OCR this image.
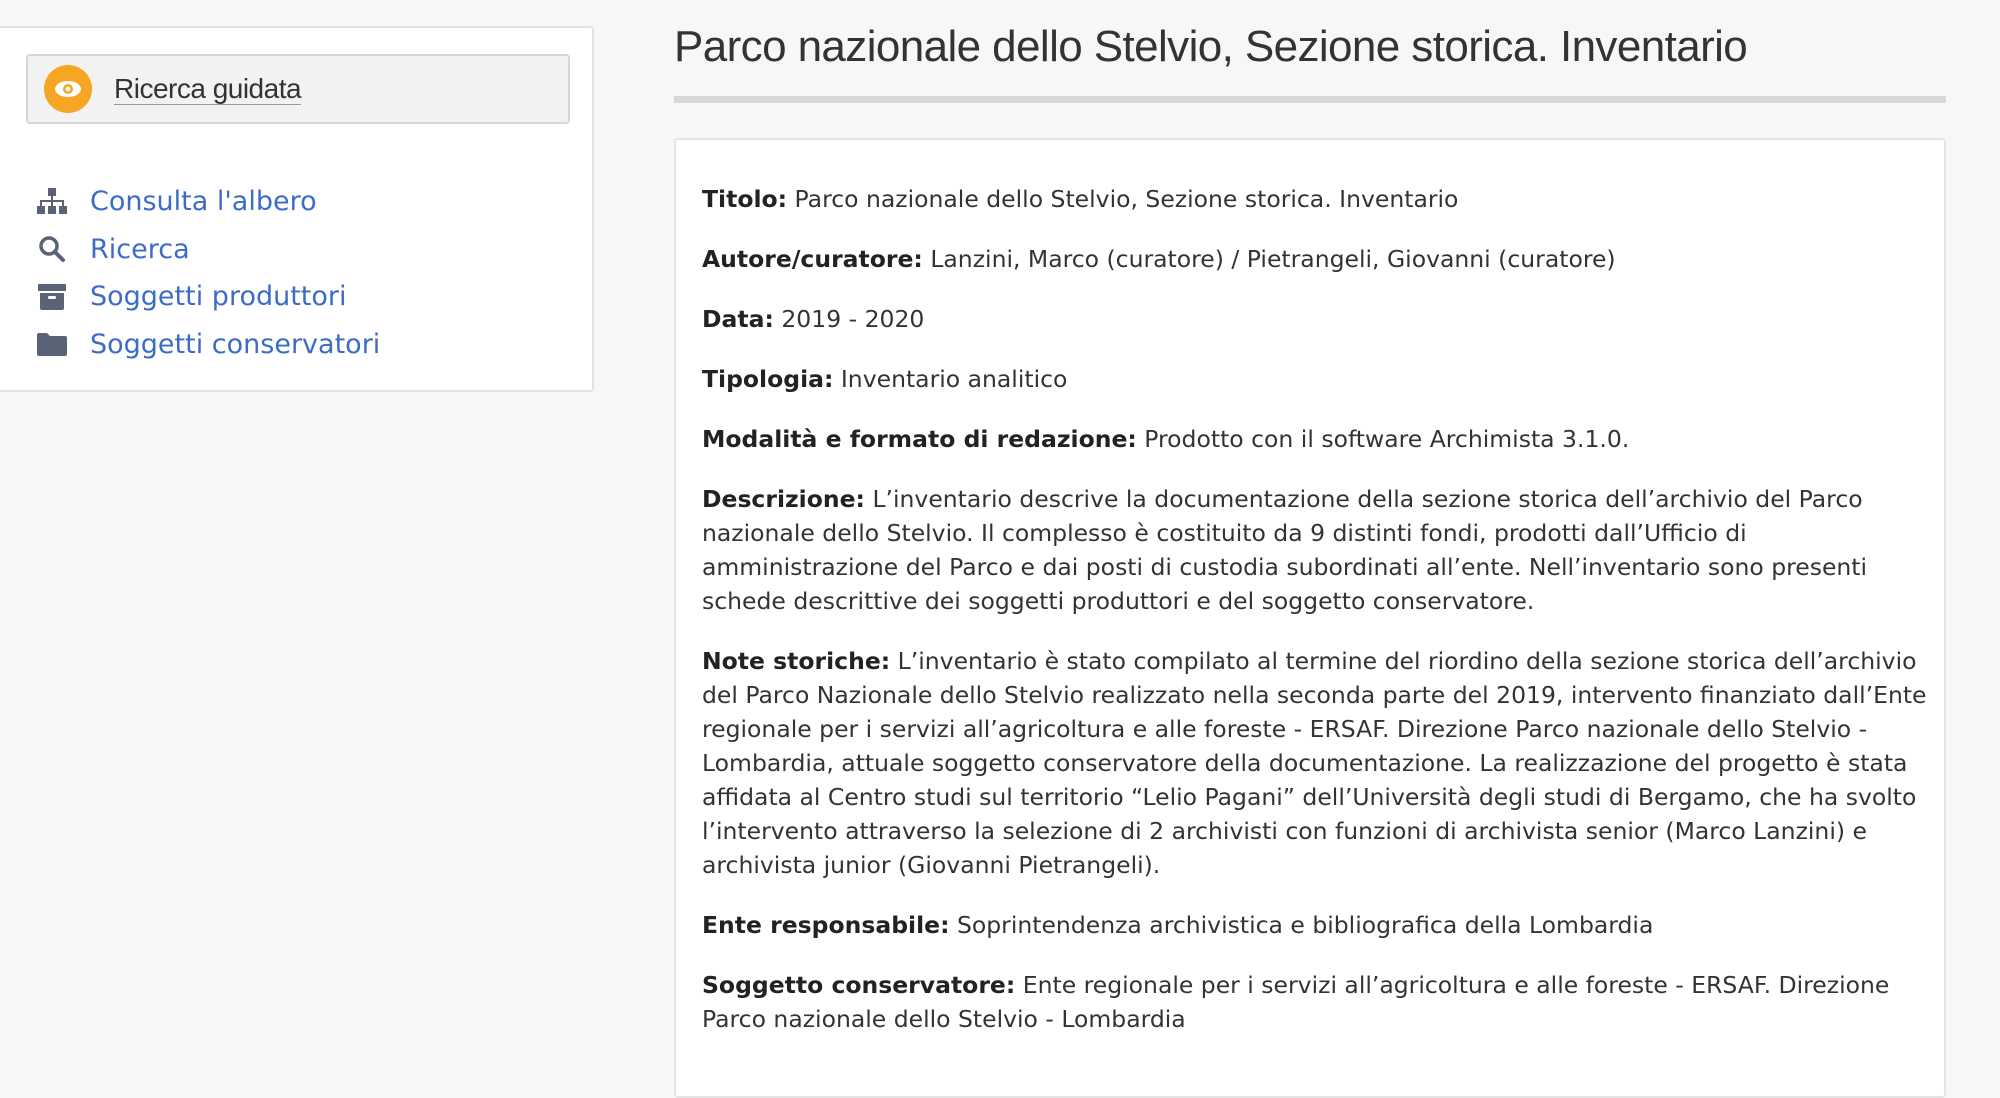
Ricerca guidata
Consulta l'albero
Ricerca
Soggetti produttori
Soggetti conservatori
Parco nazionale dello Stelvio, Sezione storica. Inventario

Titolo: Parco nazionale dello Stelvio, Sezione storica. Inventario

Autore/curatore: Lanzini, Marco (curatore) / Pietrangeli, Giovanni (curatore)

Data: 2019 - 2020

Tipologia: Inventario analitico

Modalità e formato di redazione: Prodotto con il software Archimista 3.1.0.

Descrizione: L’inventario descrive la documentazione della sezione storica dell’archivio del Parco nazionale dello Stelvio. Il complesso è costituito da 9 distinti fondi, prodotti dall’Ufficio di amministrazione del Parco e dai posti di custodia subordinati all’ente. Nell’inventario sono presenti schede descrittive dei soggetti produttori e del soggetto conservatore.

Note storiche: L’inventario è stato compilato al termine del riordino della sezione storica dell’archivio del Parco Nazionale dello Stelvio realizzato nella seconda parte del 2019, intervento finanziato dall’Ente regionale per i servizi all’agricoltura e alle foreste - ERSAF. Direzione Parco nazionale dello Stelvio - Lombardia, attuale soggetto conservatore della documentazione. La realizzazione del progetto è stata affidata al Centro studi sul territorio “Lelio Pagani” dell’Università degli studi di Bergamo, che ha svolto l’intervento attraverso la selezione di 2 archivisti con funzioni di archivista senior (Marco Lanzini) e archivista junior (Giovanni Pietrangeli).

Ente responsabile: Soprintendenza archivistica e bibliografica della Lombardia

Soggetto conservatore: Ente regionale per i servizi all’agricoltura e alle foreste - ERSAF. Direzione Parco nazionale dello Stelvio - Lombardia
